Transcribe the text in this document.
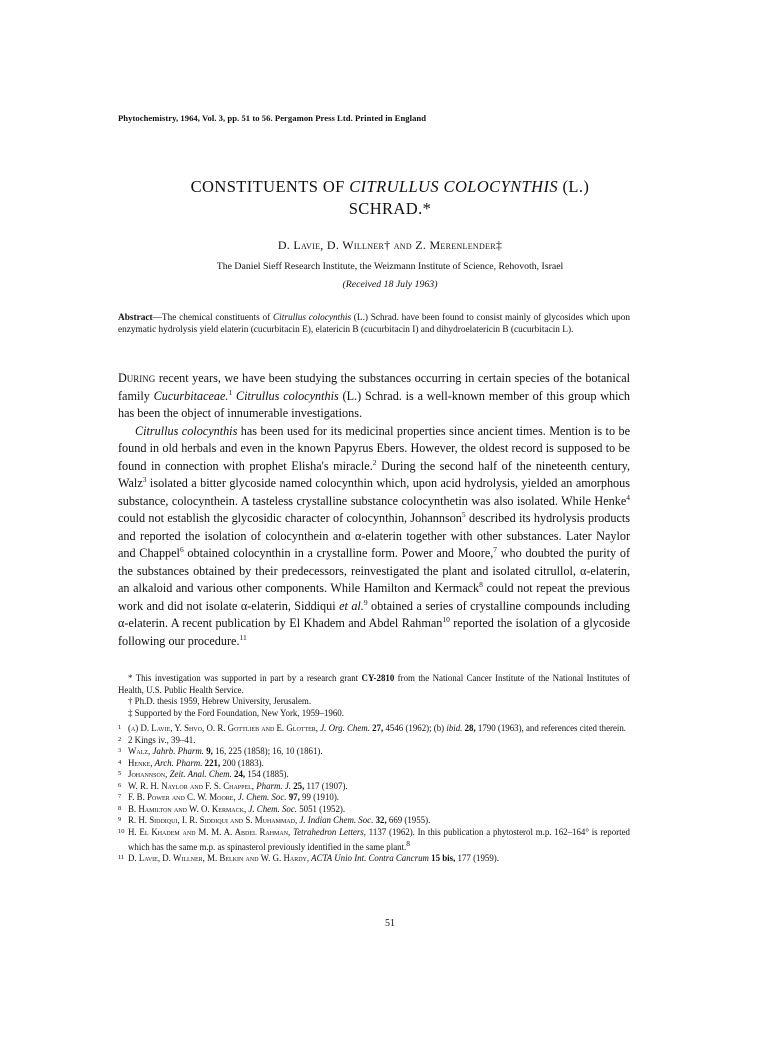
Phytochemistry, 1964, Vol. 3, pp. 51 to 56. Pergamon Press Ltd. Printed in England
CONSTITUENTS OF CITRULLUS COLOCYNTHIS (L.)
SCHRAD.*
D. Lavie, D. Willner† and Z. Merenlender‡
The Daniel Sieff Research Institute, the Weizmann Institute of Science, Rehovoth, Israel
(Received 18 July 1963)
Abstract—The chemical constituents of Citrullus colocynthis (L.) Schrad. have been found to consist mainly of glycosides which upon enzymatic hydrolysis yield elaterin (cucurbitacin E), elatericin B (cucurbitacin I) and dihydroelatericin B (cucurbitacin L).

During recent years, we have been studying the substances occurring in certain species of the botanical family Cucurbitaceae.$^1$ Citrullus colocynthis (L.) Schrad. is a well-known member of this group which has been the object of innumerable investigations.

Citrullus colocynthis has been used for its medicinal properties since ancient times. Mention is to be found in old herbals and even in the known Papyrus Ebers. However, the oldest record is supposed to be found in connection with prophet Elisha's miracle.$^2$ During the second half of the nineteenth century, Walz$^3$ isolated a bitter glycoside named colocynthin which, upon acid hydrolysis, yielded an amorphous substance, colocynthein. A tasteless crystalline substance colocynthetin was also isolated. While Henke$^4$ could not establish the glycosidic character of colocynthin, Johannson$^5$ described its hydrolysis products and reported the isolation of colocynthein and α-elaterin together with other substances. Later Naylor and Chappel$^6$ obtained colocynthin in a crystalline form. Power and Moore,$^7$ who doubted the purity of the substances obtained by their predecessors, reinvestigated the plant and isolated citrullol, α-elaterin, an alkaloid and various other components. While Hamilton and Kermack$^8$ could not repeat the previous work and did not isolate α-elaterin, Siddiqui et al.$^9$ obtained a series of crystalline compounds including α-elaterin. A recent publication by El Khadem and Abdel Rahman$^{10}$ reported the isolation of a glycoside following our procedure.$^{11}$

* This investigation was supported in part by a research grant CY-2810 from the National Cancer Institute of the National Institutes of Health, U.S. Public Health Service.

† Ph.D. thesis 1959, Hebrew University, Jerusalem.

‡ Supported by the Ford Foundation, New York, 1959–1960.

1 (a) D. Lavie, Y. Shvo, O. R. Gottlieb and E. Glotter, J. Org. Chem. 27, 4546 (1962); (b) ibid. 28, 1790 (1963), and references cited therein.
2 2 Kings iv., 39–41.
3 Walz, Jahrb. Pharm. 9, 16, 225 (1858); 16, 10 (1861).
4 Henke, Arch. Pharm. 221, 200 (1883).
5 Johannson, Zeit. Anal. Chem. 24, 154 (1885).
6 W. R. H. Naylor and F. S. Chappel, Pharm. J. 25, 117 (1907).
7 F. B. Power and C. W. Moore, J. Chem. Soc. 97, 99 (1910).
8 B. Hamilton and W. O. Kermack, J. Chem. Soc. 5051 (1952).
9 R. H. Siddiqui, I. R. Siddiqui and S. Muhammad, J. Indian Chem. Soc. 32, 669 (1955).
10 H. El Khadem and M. M. A. Abdel Rahman, Tetrahedron Letters, 1137 (1962). In this publication a phytosterol m.p. 162–164° is reported which has the same m.p. as spinasterol previously identified in the same plant.$^8$
11 D. Lavie, D. Willner, M. Belkin and W. G. Hardy, ACTA Unio Int. Contra Cancrum 15 bis, 177 (1959).
51
